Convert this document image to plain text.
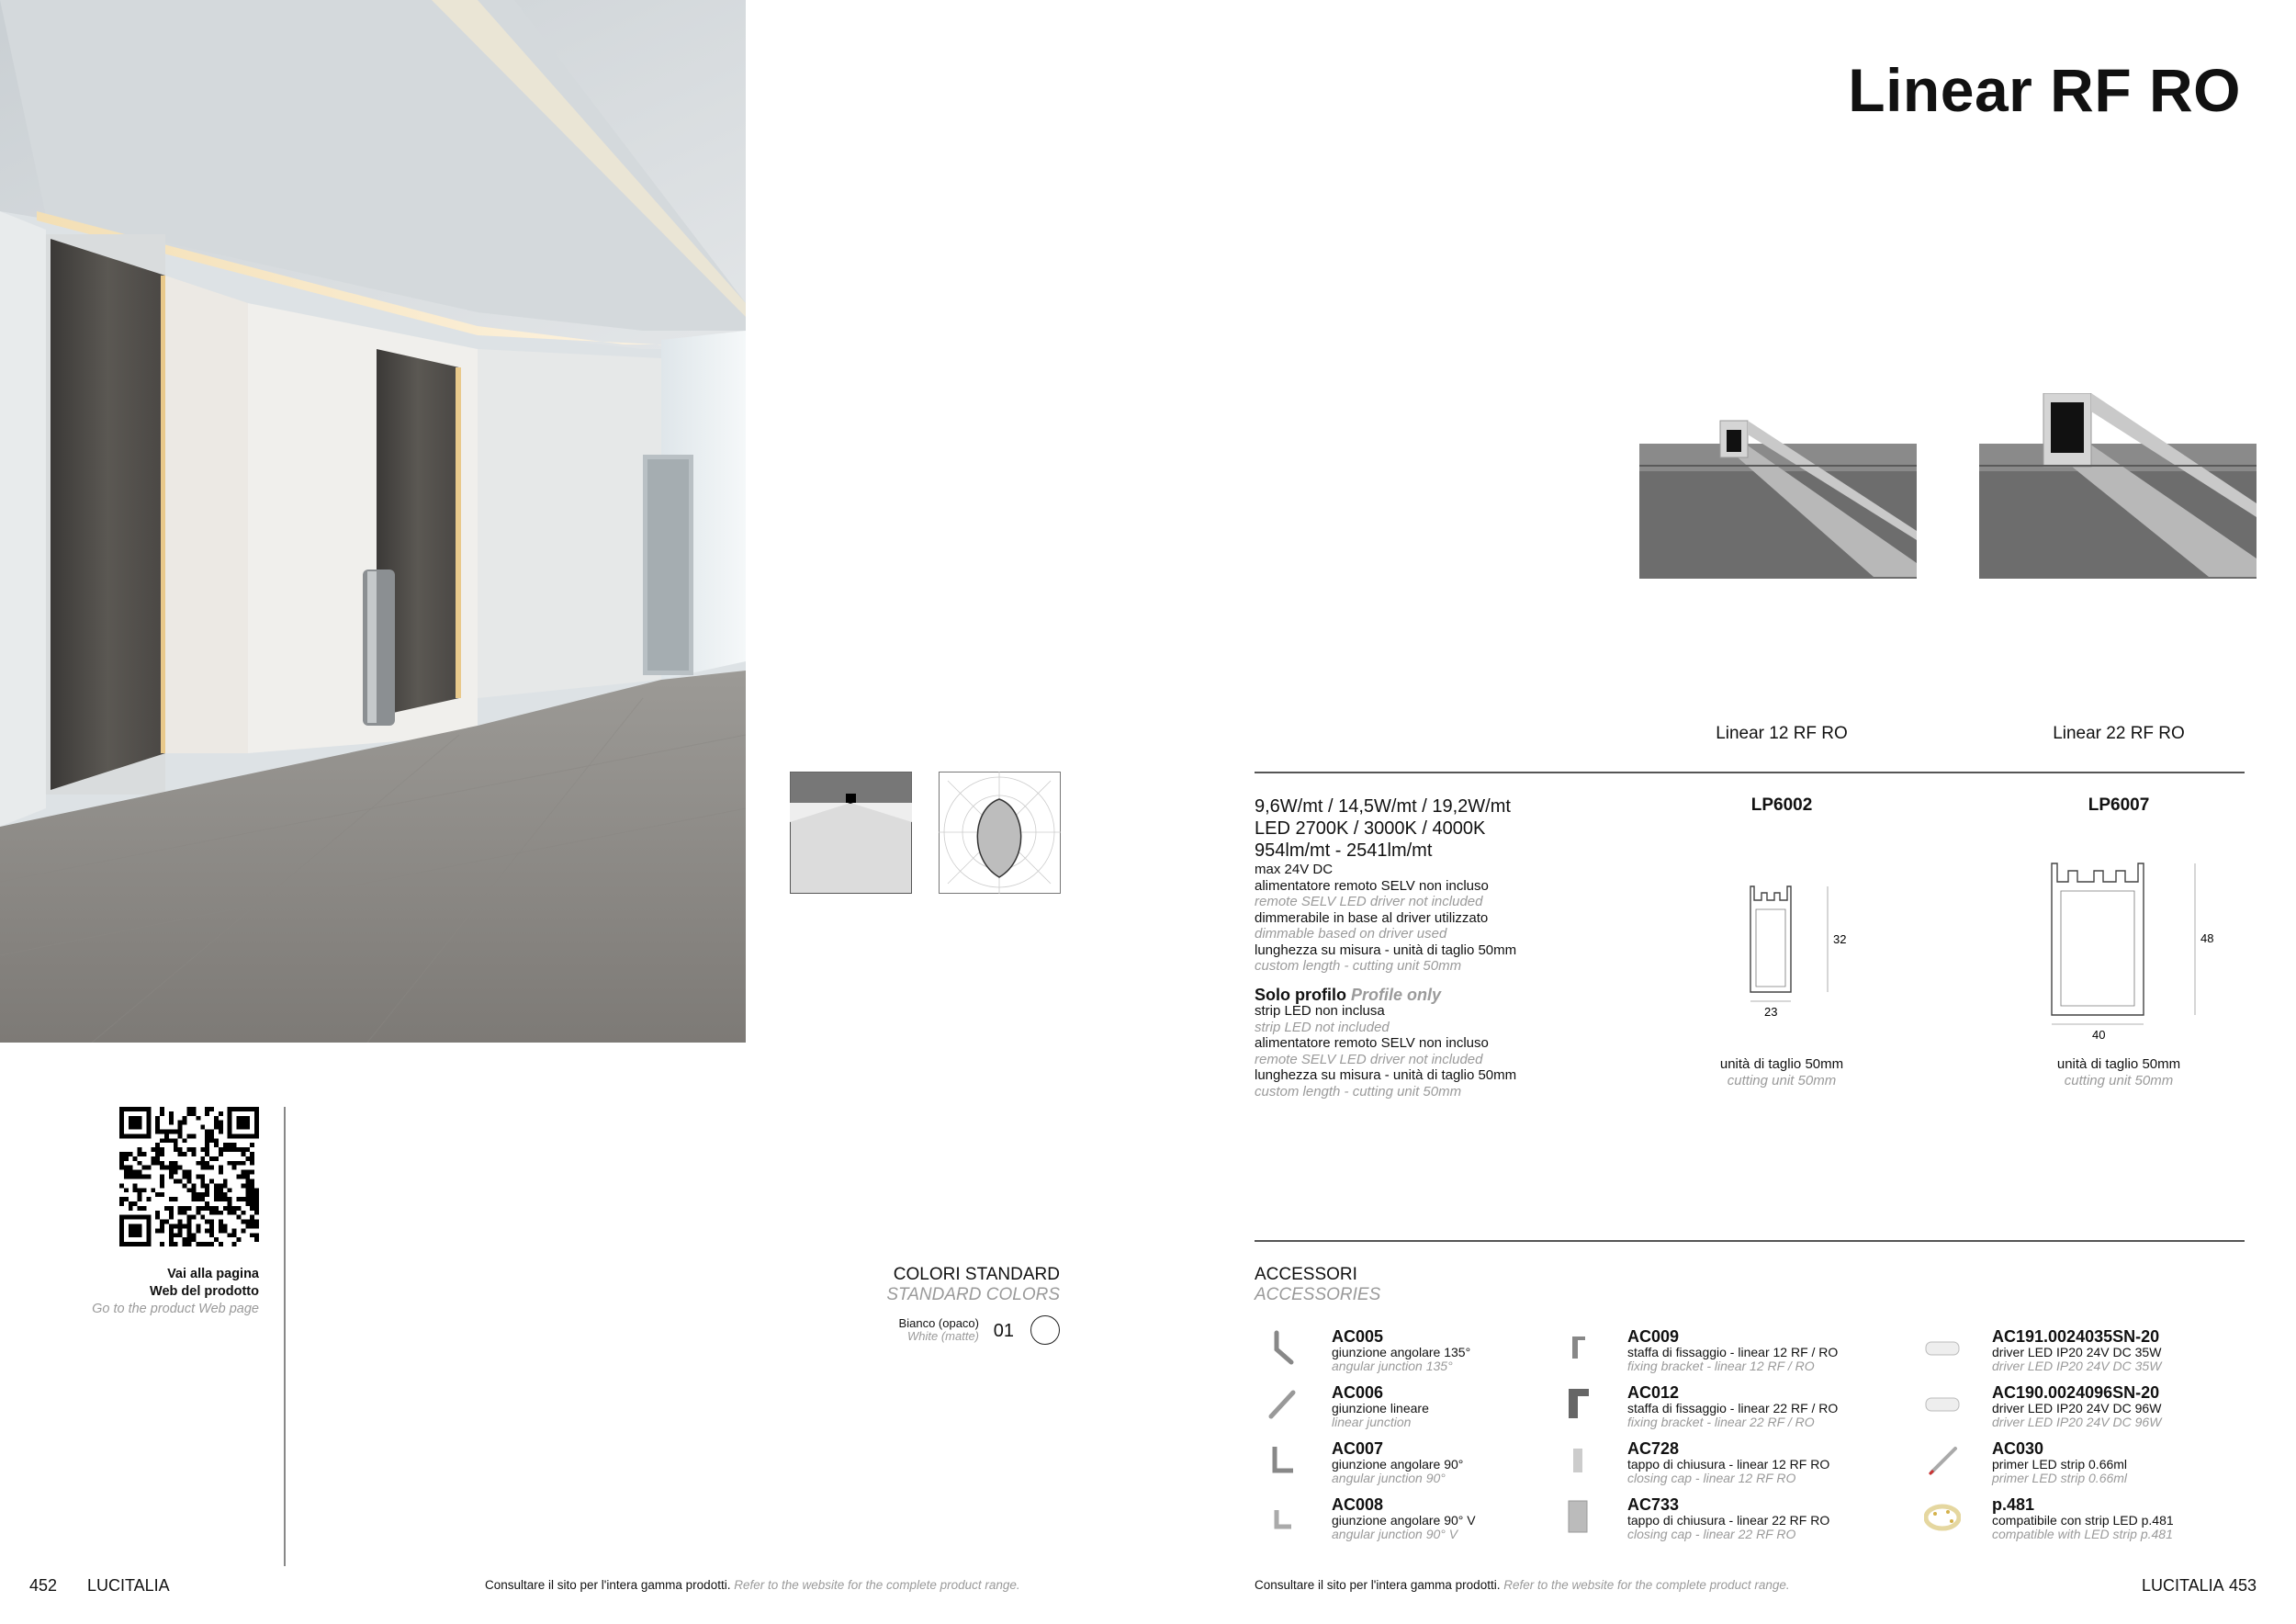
Linear RF RO
Linear 12 RF RO	Linear 22 RF RO
9,6W/mt / 14,5W/mt / 19,2W/mt
LED 2700K / 3000K / 4000K
954lm/mt - 2541lm/mt
max 24V DC
alimentatore remoto SELV non incluso
remote SELV LED driver not included
dimmerabile in base al driver utilizzato
dimmable based on driver used
lunghezza su misura - unità di taglio 50mm
custom length - cutting unit 50mm
Solo profilo Profile only
strip LED non inclusa
strip LED not included
alimentatore remoto SELV non incluso
remote SELV LED driver not included
lunghezza su misura - unità di taglio 50mm
custom length - cutting unit 50mm
LP6002	LP6007
32
23
48
40
unità di taglio 50mm
cutting unit 50mm
unità di taglio 50mm
cutting unit 50mm
Vai alla pagina
Web del prodotto
Go to the product Web page
COLORI STANDARD
STANDARD COLORS
Bianco (opaco)
White (matte) 01
ACCESSORI
ACCESSORIES
AC005
giunzione angolare 135°
angular junction 135°
AC006
giunzione lineare
linear junction
AC007
giunzione angolare 90°
angular junction 90°
AC008
giunzione angolare 90° V
angular junction 90° V
AC009
staffa di fissaggio - linear 12 RF / RO
fixing bracket - linear 12 RF / RO
AC012
staffa di fissaggio - linear 22 RF / RO
fixing bracket - linear 22 RF / RO
AC728
tappo di chiusura - linear 12 RF RO
closing cap - linear 12 RF RO
AC733
tappo di chiusura - linear 22 RF RO
closing cap - linear 22 RF RO
AC191.0024035SN-20
driver LED IP20 24V DC 35W
driver LED IP20 24V DC 35W
AC190.0024096SN-20
driver LED IP20 24V DC 96W
driver LED IP20 24V DC 96W
AC030
primer LED strip 0.66ml
primer LED strip 0.66ml
p.481
compatibile con strip LED p.481
compatible with LED strip p.481
452 LUCITALIA	Consultare il sito per l'intera gamma prodotti. Refer to the website for the complete product range.	Consultare il sito per l'intera gamma prodotti. Refer to the website for the complete product range.	LUCITALIA 453
